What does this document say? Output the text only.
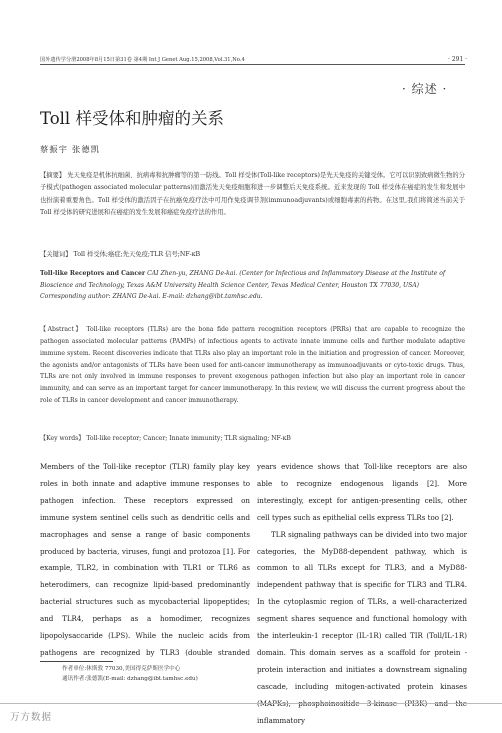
国外遗传学分册2008年8月15日第31卷 第4期 Int J Genet Aug.15,2008,Vol.31,No.4	· 291 ·
· 综述 ·
Toll 样受体和肿瘤的关系
蔡振宇 张德凯

【摘要】 先天免疫是机体抗细菌、抗病毒和抗肿瘤等的第一防线。Toll 样受体(Toll-like receptors)是先天免疫的关键受体。它可以识别致病微生物的分子模式(pathogen associated molecular patterns)而激活先天免疫细胞和进一步调整后天免疫系统。近来发现的 Toll 样受体在癌症的发生和发展中也扮演着重要角色。Toll 样受体的激活因子在抗癌免疫疗法中可用作免疫调节剂(immunoadjuvants)或细胞毒素的药物。在这里,我们将简述当前关于 Toll 样受体的研究进展和在癌症的发生发展和癌症免疫疗法的作用。

【关键词】 Toll 样受体;癌症;先天免疫;TLR 信号;NF-κB

Toll-like Receptors and Cancer CAI Zhen-yu, ZHANG De-kai. (Center for Infectious and Inflammatory Disease at the Institute of Bioscience and Technology, Texas A&M University Health Science Center, Texas Medical Center, Houston TX 77030, USA)

Corresponding author: ZHANG De-kai. E-mail: dzhang@ibt.tamhsc.edu.

【Abstract】 Toll-like receptors (TLRs) are the bona fide pattern recognition receptors (PRRs) that are capable to recognize the pathogen associated molecular patterns (PAMPs) of infectious agents to activate innate immune cells and further modulate adaptive immune system. Recent discoveries indicate that TLRs also play an important role in the initiation and progression of cancer. Moreover, the agonists and/or antagonists of TLRs have been used for anti-cancer immunotherapy as immunoadjuvants or cyto-toxic drugs. Thus, TLRs are not only involved in immune responses to prevent exogenous pathogen infection but also play an important role in cancer immunity, and can serve as an important target for cancer immunotherapy. In this review, we will discuss the current progress about the role of TLRs in cancer development and cancer immunotherapy.
【Key words】 Toll-like receptor; Cancer; Innate immunity; TLR signaling; NF-κB

Members of the Toll-like receptor (TLR) family play key roles in both innate and adaptive immune responses to pathogen infection. These receptors expressed on immune system sentinel cells such as dendritic cells and macrophages and sense a range of basic components produced by bacteria, viruses, fungi and protozoa [1]. For example, TLR2, in combination with TLR1 or TLR6 as heterodimers, can recognize lipid-based predominantly bacterial structures such as mycobacterial lipopeptides; and TLR4, perhaps as a homodimer, recognizes lipopolysaccaride (LPS). While the nucleic acids from pathogens are recognized by TLR3 (double stranded

years evidence shows that Toll-like receptors are also able to recognize endogenous ligands [2]. More interestingly, except for antigen-presenting cells, other cell types such as epithelial cells express TLRs too [2].

TLR signaling pathways can be divided into two major categories, the MyD88-dependent pathway, which is common to all TLRs except for TLR3, and a MyD88-independent pathway that is specific for TLR3 and TLR4. In the cytoplasmic region of TLRs, a well-characterized segment shares sequence and functional homology with the interleukin-1 receptor (IL-1R) called TIR (Toll/IL-1R) domain. This domain serves as a scaffold for protein - protein interaction and initiates a downstream signaling cascade, including mitogen-activated protein kinases (MAPKs), phosphoinositide 3-kinase (PI3K) and the inflammatory

作者单位:休斯敦 77030,美国得克萨斯医学中心

通讯作者:张德凯(E-mail: dzhang@ibt.tamhsc.edu)

万方数据
